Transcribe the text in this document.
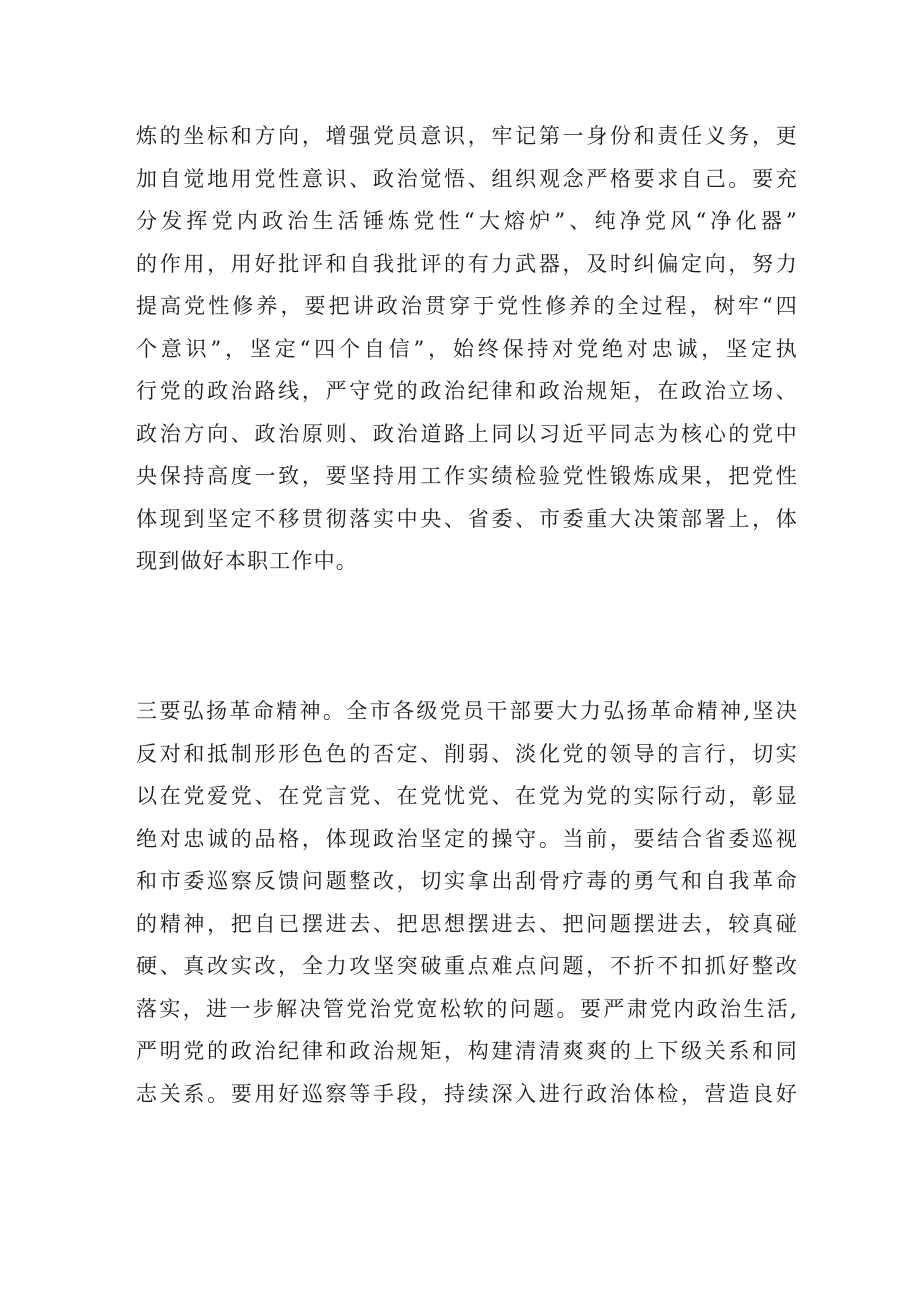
炼的坐标和方向，增强党员意识，牢记第一身份和责任义务，更
加自觉地用党性意识、政治觉悟、组织观念严格要求自己。要充
分发挥党内政治生活锤炼党性“大熔炉”、纯净党风“净化器”
的作用，用好批评和自我批评的有力武器，及时纠偏定向，努力
提高党性修养，要把讲政治贯穿于党性修养的全过程，树牢“四
个意识”，坚定“四个自信”，始终保持对党绝对忠诚，坚定执
行党的政治路线，严守党的政治纪律和政治规矩，在政治立场、
政治方向、政治原则、政治道路上同以习近平同志为核心的党中
央保持高度一致，要坚持用工作实绩检验党性锻炼成果，把党性
体现到坚定不移贯彻落实中央、省委、市委重大决策部署上，体
现到做好本职工作中。

三要弘扬革命精神。全市各级党员干部要大力弘扬革命精神,坚决
反对和抵制形形色色的否定、削弱、淡化党的领导的言行，切实
以在党爱党、在党言党、在党忧党、在党为党的实际行动，彰显
绝对忠诚的品格，体现政治坚定的操守。当前，要结合省委巡视
和市委巡察反馈问题整改，切实拿出刮骨疗毒的勇气和自我革命
的精神，把自已摆进去、把思想摆进去、把问题摆进去，较真碰
硬、真改实改，全力攻坚突破重点难点问题，不折不扣抓好整改
落实，进一步解决管党治党宽松软的问题。要严肃党内政治生活,
严明党的政治纪律和政治规矩，构建清清爽爽的上下级关系和同
志关系。要用好巡察等手段，持续深入进行政治体检，营造良好
